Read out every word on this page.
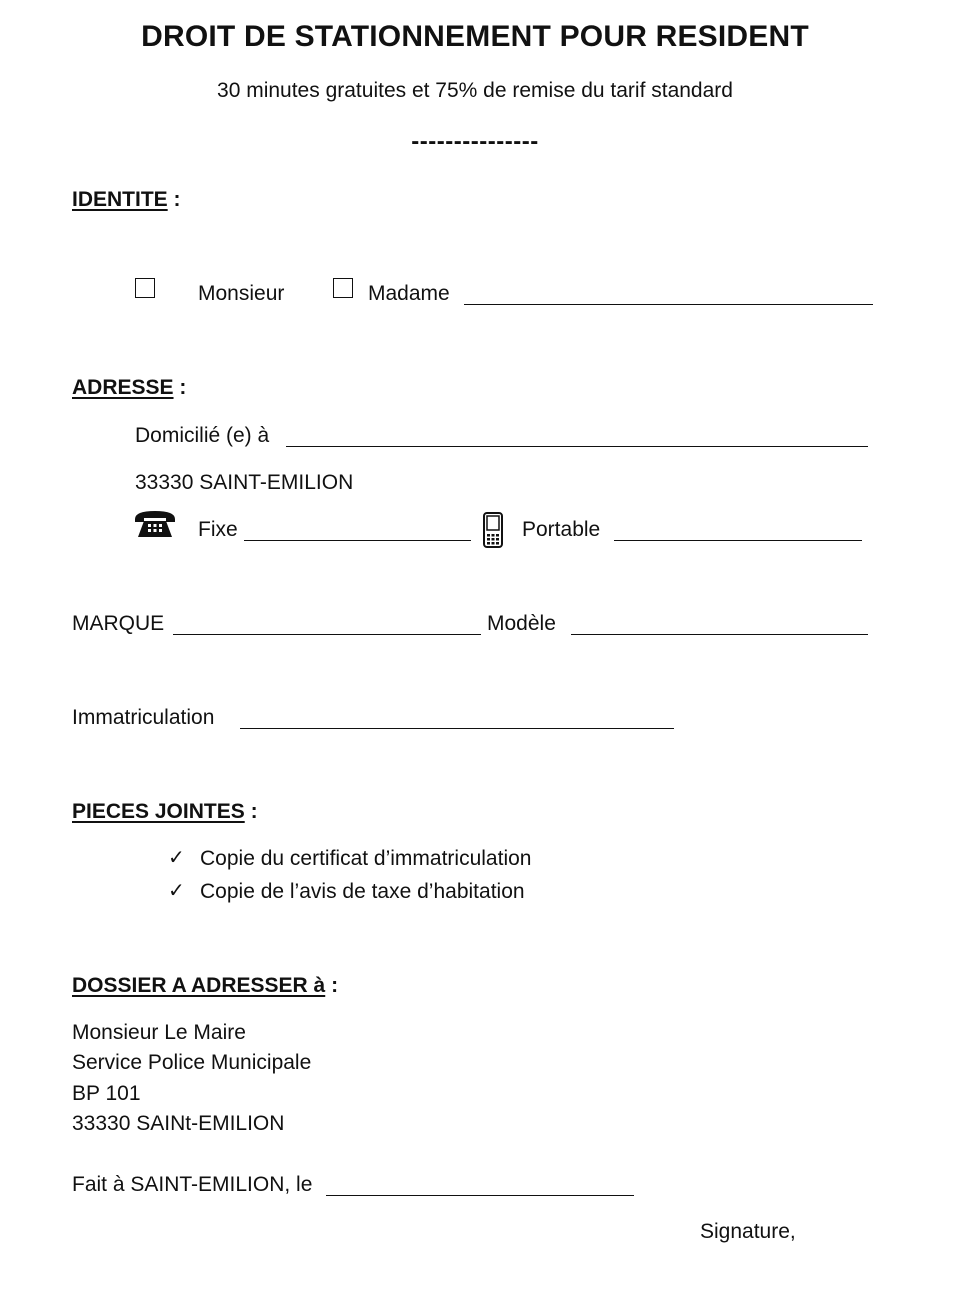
DROIT DE STATIONNEMENT POUR RESIDENT
30 minutes gratuites et 75% de remise du tarif standard
---------------
IDENTITE :
Monsieur	Madame
ADRESSE :
Domicilié (e) à
33330 SAINT-EMILION
Fixe	Portable
MARQUE	Modèle
Immatriculation
PIECES JOINTES :
✓ Copie du certificat d’immatriculation
✓ Copie de l’avis de taxe d’habitation
DOSSIER A ADRESSER à :
Monsieur Le Maire
Service Police Municipale
BP 101
33330 SAINt-EMILION
Fait à SAINT-EMILION, le
Signature,
